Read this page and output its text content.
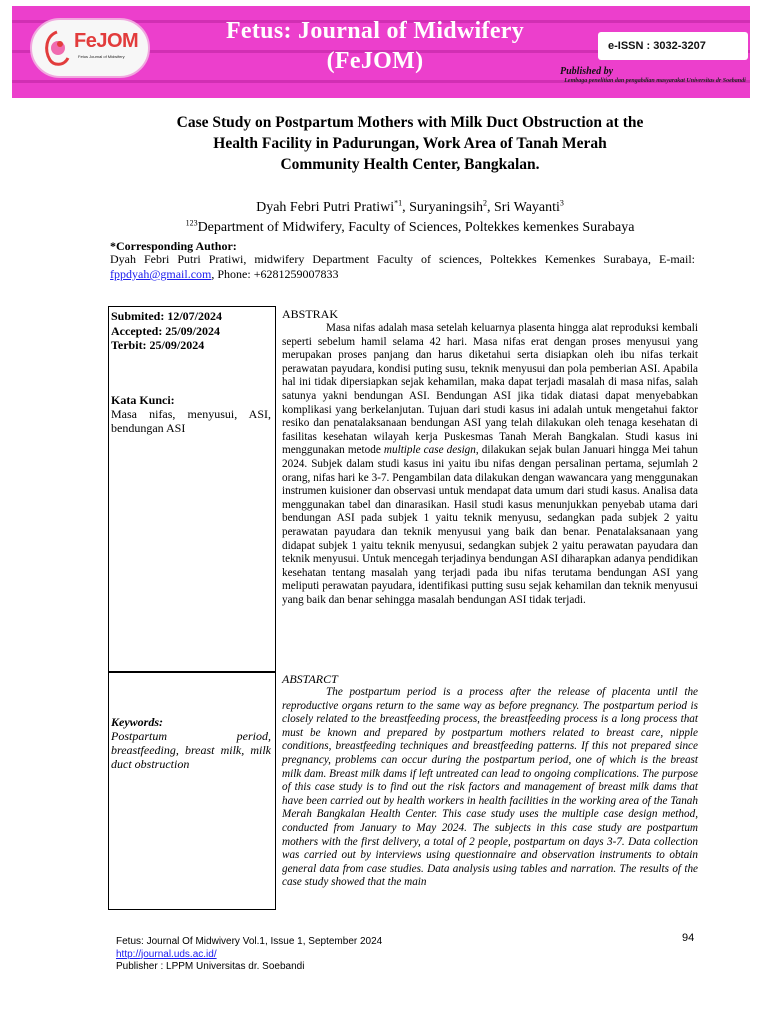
FeJOM
Fetus Journal of Midwifery
Fetus: Journal of Midwifery
(FeJOM)
e-ISSN : 3032-3207
Published by
Lembaga penelitian dan pengabdian masyarakat Universitas dr Soebandi
Case Study on Postpartum Mothers with Milk Duct Obstruction at the
Health Facility in Padurungan, Work Area of Tanah Merah
Community Health Center, Bangkalan.
Dyah Febri Putri Pratiwi$^{*1}$, Suryaningsih$^2$, Sri Wayanti$^3$
$^{123}$Department of Midwifery, Faculty of Sciences, Poltekkes kemenkes Surabaya
*Corresponding Author:
Dyah Febri Putri Pratiwi, midwifery Department Faculty of sciences, Poltekkes Kemenkes Surabaya, E-mail: fppdyah@gmail.com, Phone: +6281259007833
Submited: 12/07/2024
Accepted: 25/09/2024
Terbit: 25/09/2024
Kata Kunci:
Masa nifas, menyusui, ASI, bendungan ASI
Keywords:
Postpartum period, breastfeeding, breast milk, milk duct obstruction
ABSTRAK

Masa nifas adalah masa setelah keluarnya plasenta hingga alat reproduksi kembali seperti sebelum hamil selama 42 hari. Masa nifas erat dengan proses menyusui yang merupakan proses panjang dan harus diketahui serta disiapkan oleh ibu nifas terkait perawatan payudara, kondisi puting susu, teknik menyusui dan pola pemberian ASI. Apabila hal ini tidak dipersiapkan sejak kehamilan, maka dapat terjadi masalah di masa nifas, salah satunya yakni bendungan ASI. Bendungan ASI jika tidak diatasi dapat menyebabkan komplikasi yang berkelanjutan. Tujuan dari studi kasus ini adalah untuk mengetahui faktor resiko dan penatalaksanaan bendungan ASI yang telah dilakukan oleh tenaga kesehatan di fasilitas kesehatan wilayah kerja Puskesmas Tanah Merah Bangkalan. Studi kasus ini menggunakan metode multiple case design, dilakukan sejak bulan Januari hingga Mei tahun 2024. Subjek dalam studi kasus ini yaitu ibu nifas dengan persalinan pertama, sejumlah 2 orang, nifas hari ke 3-7. Pengambilan data dilakukan dengan wawancara yang menggunakan instrumen kuisioner dan observasi untuk mendapat data umum dari studi kasus. Analisa data menggunakan tabel dan dinarasikan. Hasil studi kasus menunjukkan penyebab utama dari bendungan ASI pada subjek 1 yaitu teknik menyusu, sedangkan pada subjek 2 yaitu perawatan payudara dan teknik menyusui yang baik dan benar. Penatalaksanaan yang didapat subjek 1 yaitu teknik menyusui, sedangkan subjek 2 yaitu perawatan payudara dan teknik menyusui. Untuk mencegah terjadinya bendungan ASI diharapkan adanya pendidikan kesehatan tentang masalah yang terjadi pada ibu nifas terutama bendungan ASI yang meliputi perawatan payudara, identifikasi putting susu sejak kehamilan dan teknik menyusui yang baik dan benar sehingga masalah bendungan ASI tidak terjadi.

ABSTARCT

The postpartum period is a process after the release of placenta until the reproductive organs return to the same way as before pregnancy. The postpartum period is closely related to the breastfeeding process, the breastfeeding process is a long process that must be known and prepared by postpartum mothers related to breast care, nipple conditions, breastfeeding techniques and breastfeeding patterns. If this not prepared since pregnancy, problems can occur during the postpartum period, one of which is the breast milk dam. Breast milk dams if left untreated can lead to ongoing complications. The purpose of this case study is to find out the risk factors and management of breast milk dams that have been carried out by health workers in health facilities in the working area of the Tanah Merah Bangkalan Health Center. This case study uses the multiple case design method, conducted from January to May 2024. The subjects in this case study are postpartum mothers with the first delivery, a total of 2 people, postpartum on days 3-7. Data collection was carried out by interviews using questionnaire and observation instruments to obtain general data from case studies. Data analysis using tables and narration. The results of the case study showed that the main

Fetus: Journal Of Midwivery Vol.1, Issue 1, September 2024
http://journal.uds.ac.id/
Publisher : LPPM Universitas dr. Soebandi
94
